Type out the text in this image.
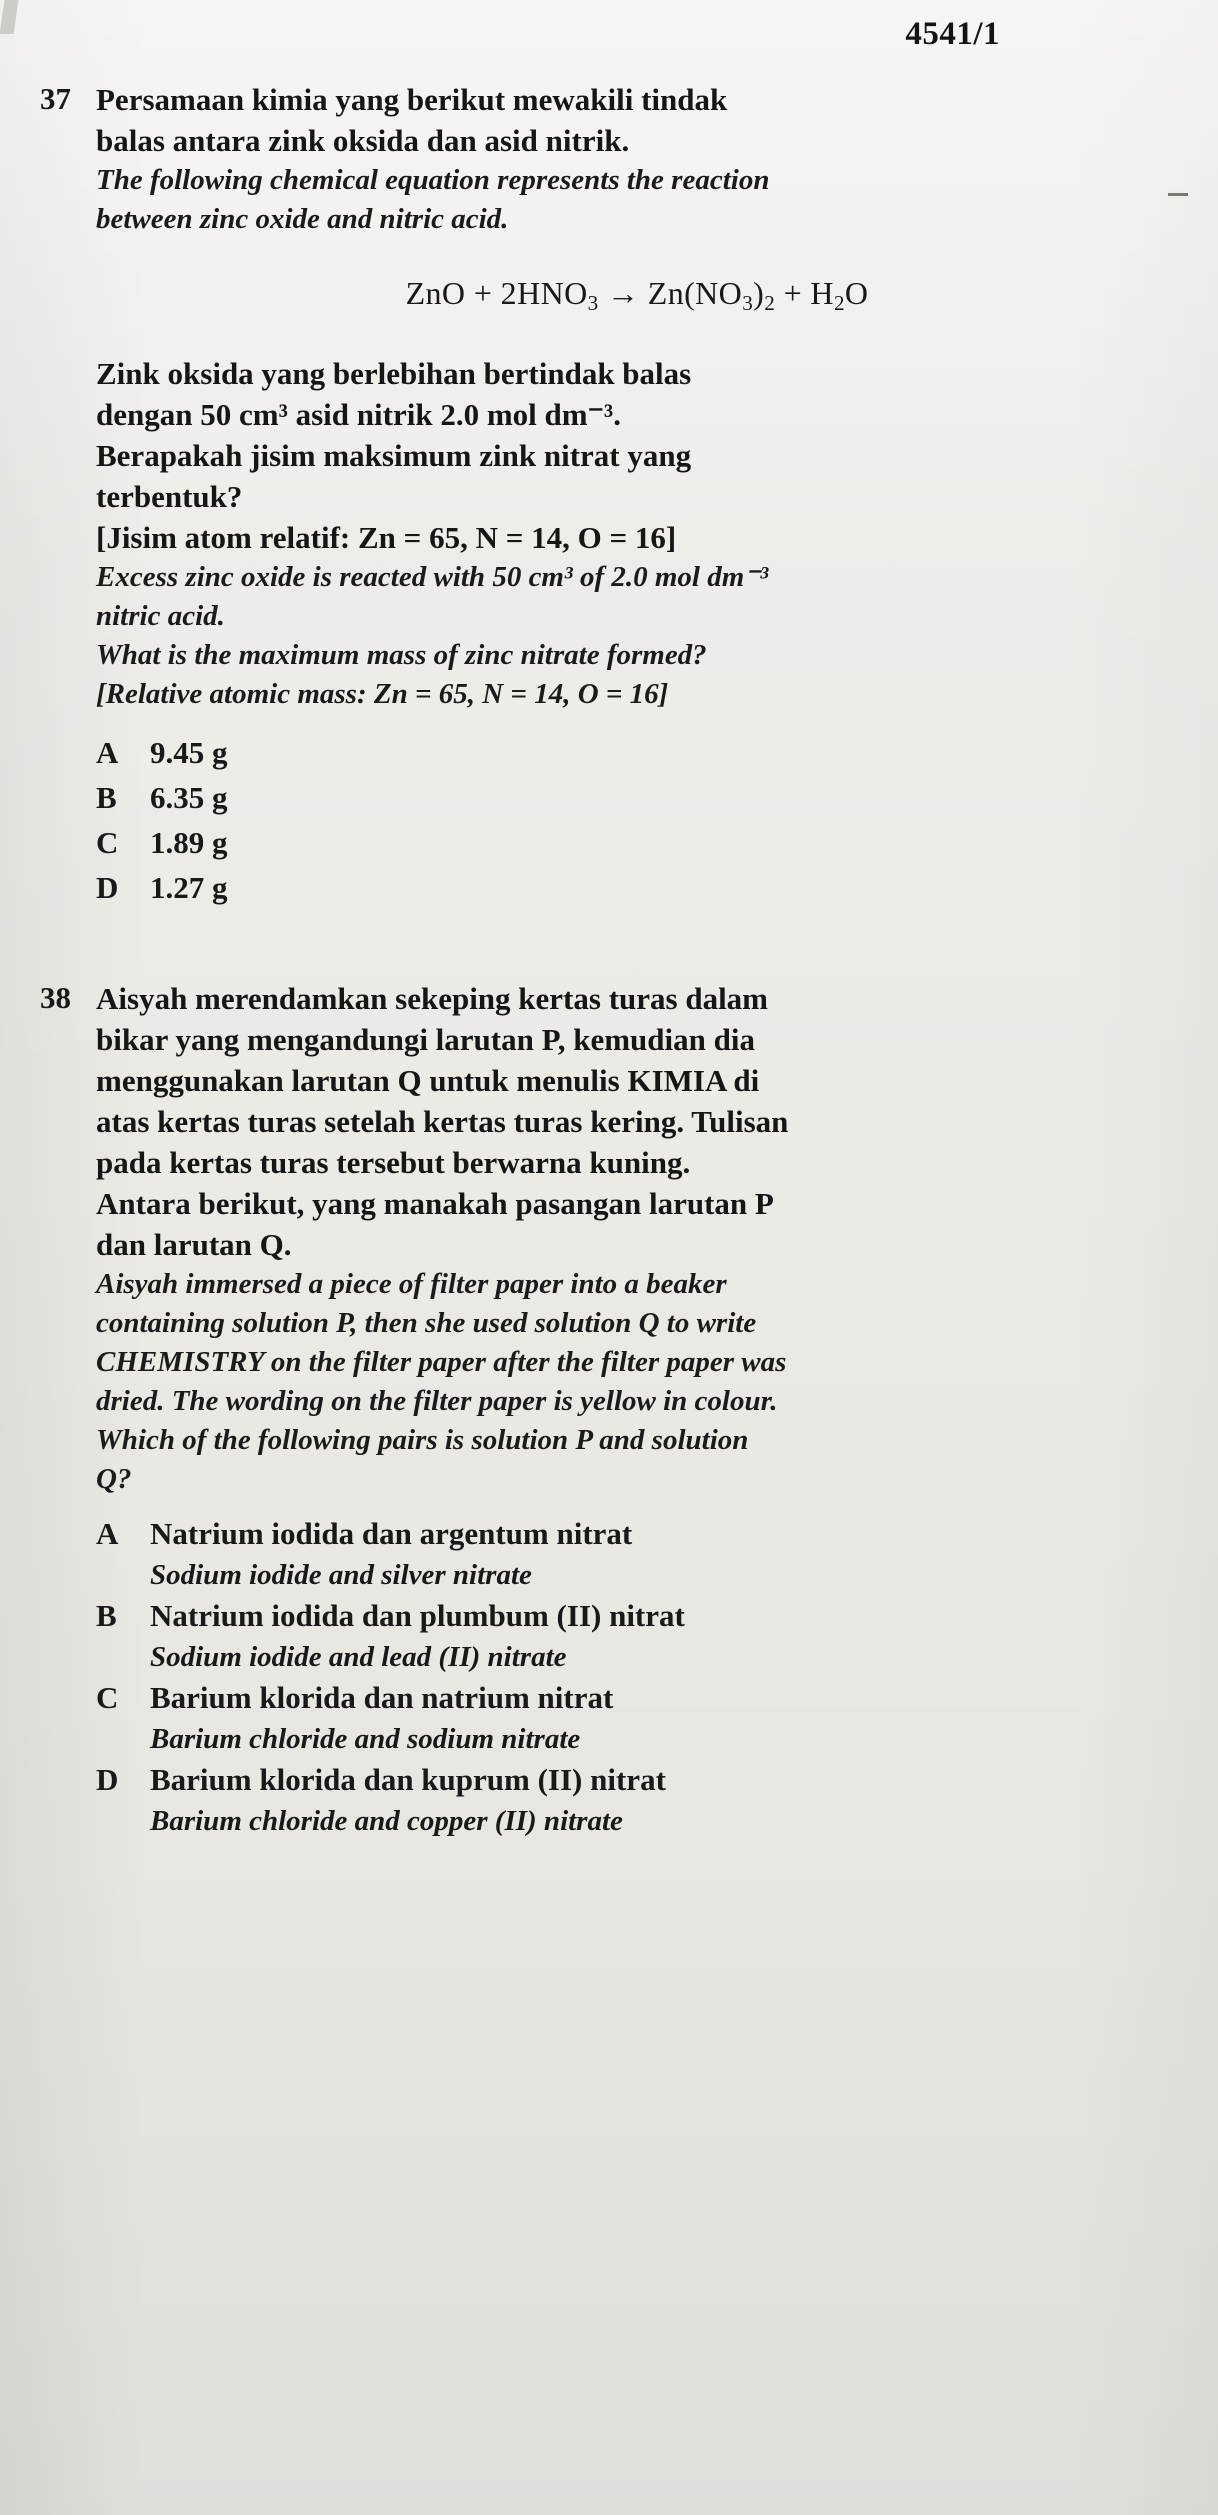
4541/1
37 Persamaan kimia yang berikut mewakili tindak
balas antara zink oksida dan asid nitrik.
The following chemical equation represents the reaction
between zinc oxide and nitric acid.
ZnO + $2HNO_3 \to Zn(NO_3)_2 + H_2O$
Zink oksida yang berlebihan bertindak balas
dengan 50 cm³ asid nitrik 2.0 mol dm⁻³.
Berapakah jisim maksimum zink nitrat yang
terbentuk?
[Jisim atom relatif: Zn = 65, N = 14, O = 16]
Excess zinc oxide is reacted with 50 cm³ of 2.0 mol dm⁻³
nitric acid.
What is the maximum mass of zinc nitrate formed?
[Relative atomic mass: Zn = 65, N = 14, O = 16]
A	9.45 g
B	6.35 g
C	1.89 g
D	1.27 g
38 Aisyah merendamkan sekeping kertas turas dalam
bikar yang mengandungi larutan P, kemudian dia
menggunakan larutan Q untuk menulis KIMIA di
atas kertas turas setelah kertas turas kering. Tulisan
pada kertas turas tersebut berwarna kuning.
Antara berikut, yang manakah pasangan larutan P
dan larutan Q.
Aisyah immersed a piece of filter paper into a beaker
containing solution P, then she used solution Q to write
CHEMISTRY on the filter paper after the filter paper was
dried. The wording on the filter paper is yellow in colour.
Which of the following pairs is solution P and solution
Q?
A	Natrium iodida dan argentum nitrat
Sodium iodide and silver nitrate
B	Natrium iodida dan plumbum (II) nitrat
Sodium iodide and lead (II) nitrate
C	Barium klorida dan natrium nitrat
Barium chloride and sodium nitrate
D	Barium klorida dan kuprum (II) nitrat
Barium chloride and copper (II) nitrate
